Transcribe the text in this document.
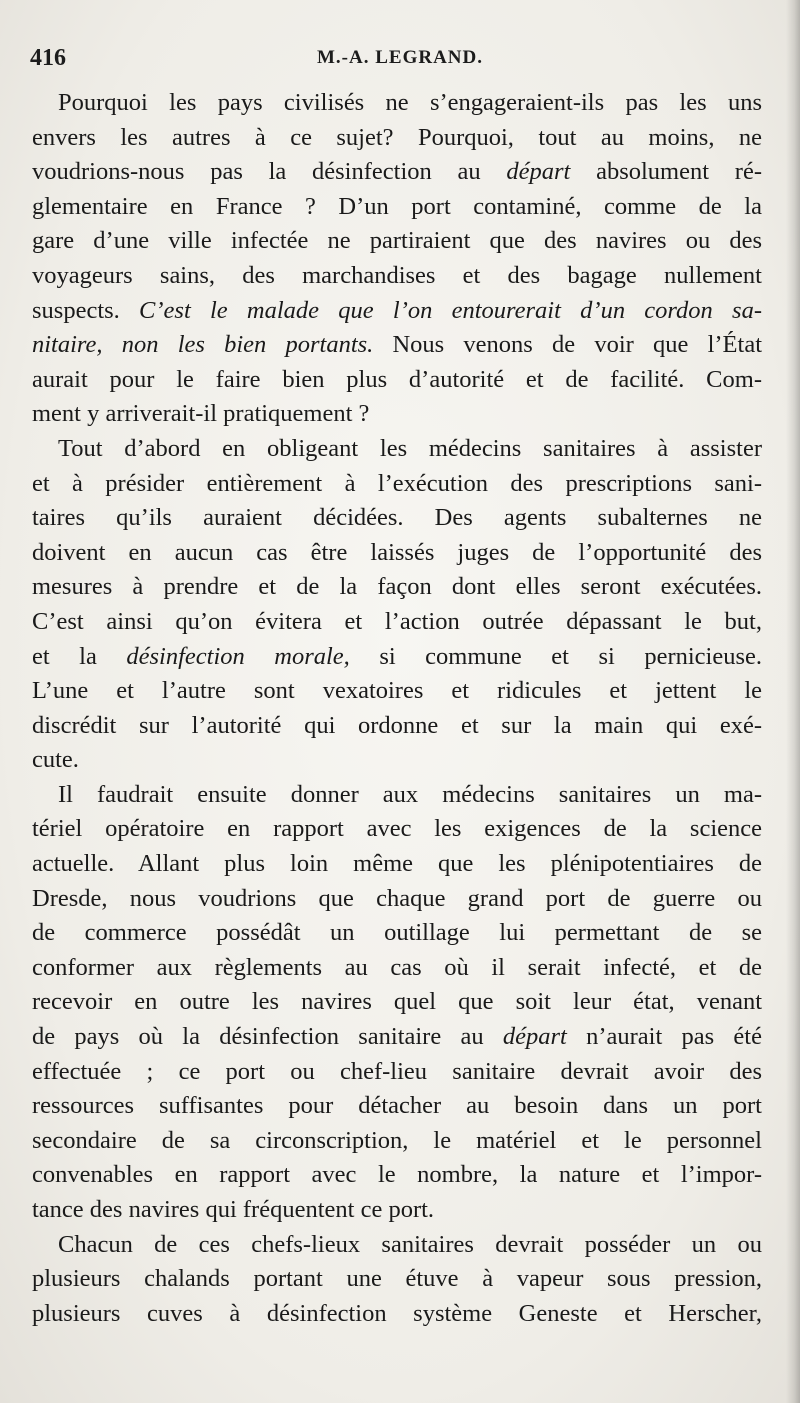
416	M.-A. LEGRAND.
Pourquoi les pays civilisés ne s’engageraient-ils pas les uns
envers les autres à ce sujet? Pourquoi, tout au moins, ne
voudrions-nous pas la désinfection au départ absolument ré-
glementaire en France ? D’un port contaminé, comme de la
gare d’une ville infectée ne partiraient que des navires ou des
voyageurs sains, des marchandises et des bagage nullement
suspects. C’est le malade que l’on entourerait d’un cordon sa-
nitaire, non les bien portants. Nous venons de voir que l’État
aurait pour le faire bien plus d’autorité et de facilité. Com-
ment y arriverait-il pratiquement ?
Tout d’abord en obligeant les médecins sanitaires à assister
et à présider entièrement à l’exécution des prescriptions sani-
taires qu’ils auraient décidées. Des agents subalternes ne
doivent en aucun cas être laissés juges de l’opportunité des
mesures à prendre et de la façon dont elles seront exécutées.
C’est ainsi qu’on évitera et l’action outrée dépassant le but,
et la désinfection morale, si commune et si pernicieuse.
L’une et l’autre sont vexatoires et ridicules et jettent le
discrédit sur l’autorité qui ordonne et sur la main qui exé-
cute.
Il faudrait ensuite donner aux médecins sanitaires un ma-
tériel opératoire en rapport avec les exigences de la science
actuelle. Allant plus loin même que les plénipotentiaires de
Dresde, nous voudrions que chaque grand port de guerre ou
de commerce possédât un outillage lui permettant de se
conformer aux règlements au cas où il serait infecté, et de
recevoir en outre les navires quel que soit leur état, venant
de pays où la désinfection sanitaire au départ n’aurait pas été
effectuée ; ce port ou chef-lieu sanitaire devrait avoir des
ressources suffisantes pour détacher au besoin dans un port
secondaire de sa circonscription, le matériel et le personnel
convenables en rapport avec le nombre, la nature et l’impor-
tance des navires qui fréquentent ce port.
Chacun de ces chefs-lieux sanitaires devrait posséder un ou
plusieurs chalands portant une étuve à vapeur sous pression,
plusieurs cuves à désinfection système Geneste et Herscher,
